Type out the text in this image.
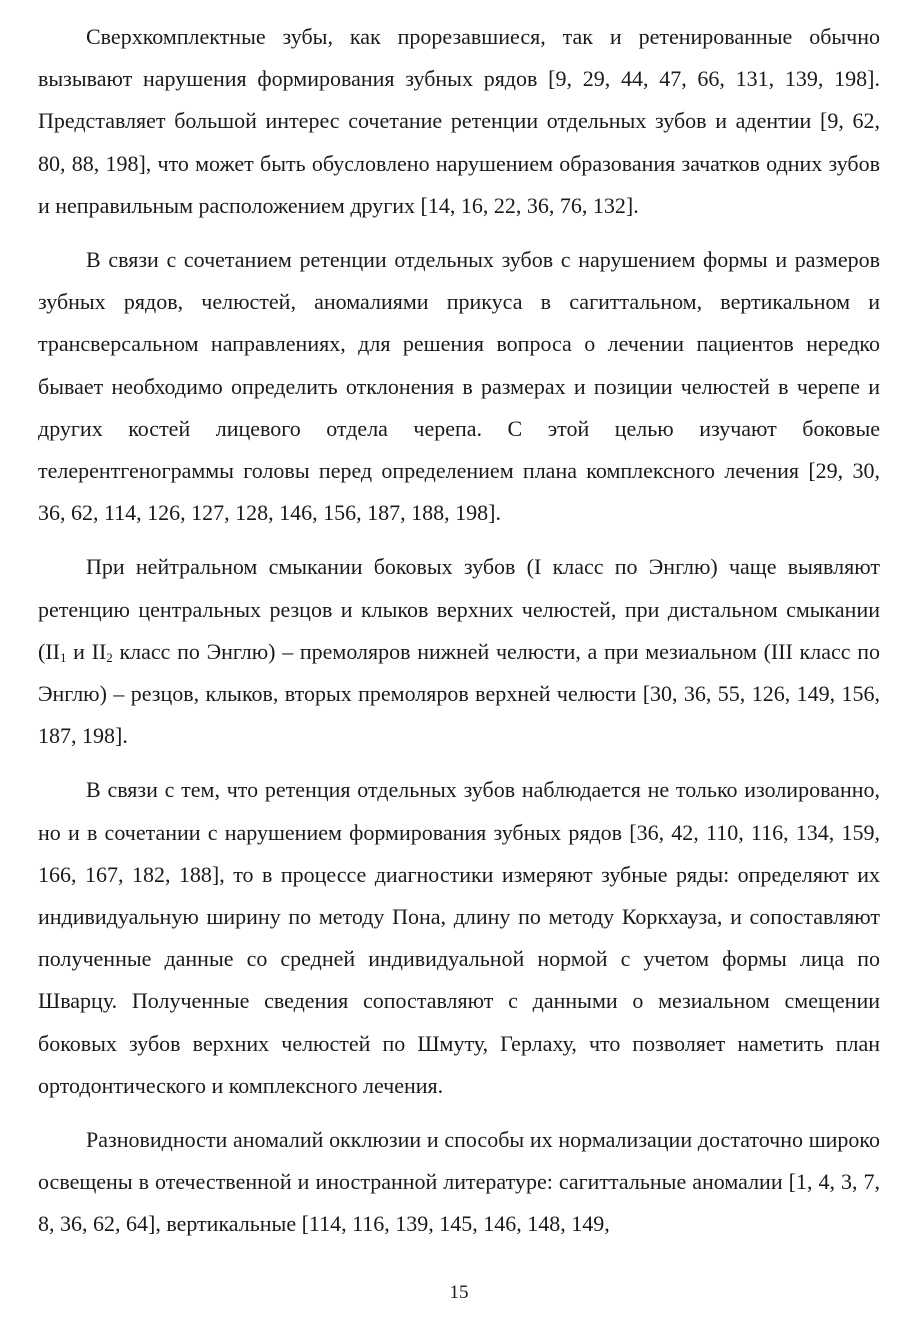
Сверхкомплектные зубы, как прорезавшиеся, так и ретенированные обычно вызывают нарушения формирования зубных рядов [9, 29, 44, 47, 66, 131, 139, 198]. Представляет большой интерес сочетание ретенции отдельных зубов и адентии [9, 62, 80, 88, 198], что может быть обусловлено нарушением образования зачатков одних зубов и неправильным расположением других [14, 16, 22, 36, 76, 132].

В связи с сочетанием ретенции отдельных зубов с нарушением формы и размеров зубных рядов, челюстей, аномалиями прикуса в сагиттальном, вертикальном и трансверсальном направлениях, для решения вопроса о лечении пациентов нередко бывает необходимо определить отклонения в размерах и позиции челюстей в черепе и других костей лицевого отдела черепа. С этой целью изучают боковые телерентгенограммы головы перед определением плана комплексного лечения [29, 30, 36, 62, 114, 126, 127, 128, 146, 156, 187, 188, 198].

При нейтральном смыкании боковых зубов (I класс по Энглю) чаще выявляют ретенцию центральных резцов и клыков верхних челюстей, при дистальном смыкании ($II_1$ и $II_2$ класс по Энглю) – премоляров нижней челюсти, а при мезиальном (III класс по Энглю) – резцов, клыков, вторых премоляров верхней челюсти [30, 36, 55, 126, 149, 156, 187, 198].

В связи с тем, что ретенция отдельных зубов наблюдается не только изолированно, но и в сочетании с нарушением формирования зубных рядов [36, 42, 110, 116, 134, 159, 166, 167, 182, 188], то в процессе диагностики измеряют зубные ряды: определяют их индивидуальную ширину по методу Пона, длину по методу Коркхауза, и сопоставляют полученные данные со средней индивидуальной нормой с учетом формы лица по Шварцу. Полученные сведения сопоставляют с данными о мезиальном смещении боковых зубов верхних челюстей по Шмуту, Герлаху, что позволяет наметить план ортодонтического и комплексного лечения.

Разновидности аномалий окклюзии и способы их нормализации достаточно широко освещены в отечественной и иностранной литературе: сагиттальные аномалии [1, 4, 3, 7, 8, 36, 62, 64], вертикальные [114, 116, 139, 145, 146, 148, 149,

15
